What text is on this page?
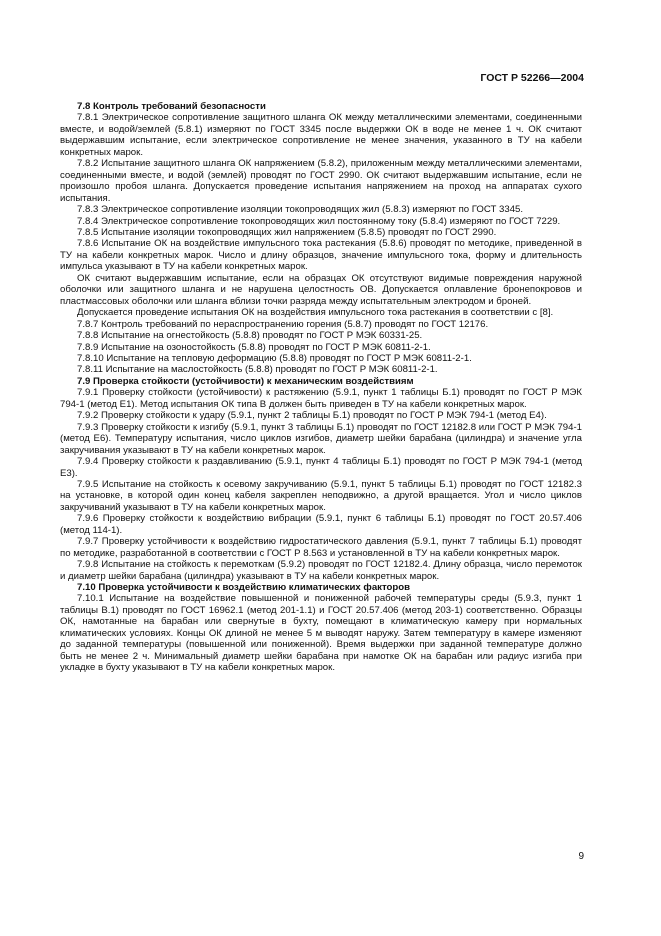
ГОСТ Р 52266—2004

7.8 Контроль требований безопасности

7.8.1 Электрическое сопротивление защитного шланга ОК между металлическими элементами, соединенными вместе, и водой/землей (5.8.1) измеряют по ГОСТ 3345 после выдержки ОК в воде не менее 1 ч. ОК считают выдержавшим испытание, если электрическое сопротивление не менее значения, указанного в ТУ на кабели конкретных марок.

7.8.2 Испытание защитного шланга ОК напряжением (5.8.2), приложенным между металлическими элементами, соединенными вместе, и водой (землей) проводят по ГОСТ 2990. ОК считают выдержавшим испытание, если не произошло пробоя шланга. Допускается проведение испытания напряжением на проход на аппаратах сухого испытания.

7.8.3 Электрическое сопротивление изоляции токопроводящих жил (5.8.3) измеряют по ГОСТ 3345.

7.8.4 Электрическое сопротивление токопроводящих жил постоянному току (5.8.4) измеряют по ГОСТ 7229.

7.8.5 Испытание изоляции токопроводящих жил напряжением (5.8.5) проводят по ГОСТ 2990.

7.8.6 Испытание ОК на воздействие импульсного тока растекания (5.8.6) проводят по методике, приведенной в ТУ на кабели конкретных марок. Число и длину образцов, значение импульсного тока, форму и длительность импульса указывают в ТУ на кабели конкретных марок.

ОК считают выдержавшим испытание, если на образцах ОК отсутствуют видимые повреждения наружной оболочки или защитного шланга и не нарушена целостность ОВ. Допускается оплавление бронепокровов и пластмассовых оболочки или шланга вблизи точки разряда между испытательным электродом и броней.

Допускается проведение испытания ОК на воздействия импульсного тока растекания в соответствии с [8].

7.8.7 Контроль требований по нераспространению горения (5.8.7) проводят по ГОСТ 12176.

7.8.8 Испытание на огнестойкость (5.8.8) проводят по ГОСТ Р МЭК 60331-25.

7.8.9 Испытание на озоностойкость (5.8.8) проводят по ГОСТ Р МЭК 60811-2-1.

7.8.10 Испытание на тепловую деформацию (5.8.8) проводят по ГОСТ Р МЭК 60811-2-1.

7.8.11 Испытание на маслостойкость (5.8.8) проводят по ГОСТ Р МЭК 60811-2-1.

7.9 Проверка стойкости (устойчивости) к механическим воздействиям

7.9.1 Проверку стойкости (устойчивости) к растяжению (5.9.1, пункт 1 таблицы Б.1) проводят по ГОСТ Р МЭК 794-1 (метод Е1). Метод испытания ОК типа В должен быть приведен в ТУ на кабели конкретных марок.

7.9.2 Проверку стойкости к удару (5.9.1, пункт 2 таблицы Б.1) проводят по ГОСТ Р МЭК 794-1 (метод Е4).

7.9.3 Проверку стойкости к изгибу (5.9.1, пункт 3 таблицы Б.1) проводят по ГОСТ 12182.8 или ГОСТ Р МЭК 794-1 (метод Е6). Температуру испытания, число циклов изгибов, диаметр шейки барабана (цилиндра) и значение угла закручивания указывают в ТУ на кабели конкретных марок.

7.9.4 Проверку стойкости к раздавливанию (5.9.1, пункт 4 таблицы Б.1) проводят по ГОСТ Р МЭК 794-1 (метод Е3).

7.9.5 Испытание на стойкость к осевому закручиванию (5.9.1, пункт 5 таблицы Б.1) проводят по ГОСТ 12182.3 на установке, в которой один конец кабеля закреплен неподвижно, а другой вращается. Угол и число циклов закручиваний указывают в ТУ на кабели конкретных марок.

7.9.6 Проверку стойкости к воздействию вибрации (5.9.1, пункт 6 таблицы Б.1) проводят по ГОСТ 20.57.406 (метод 114-1).

7.9.7 Проверку устойчивости к воздействию гидростатического давления (5.9.1, пункт 7 таблицы Б.1) проводят по методике, разработанной в соответствии с ГОСТ Р 8.563 и установленной в ТУ на кабели конкретных марок.

7.9.8 Испытание на стойкость к перемоткам (5.9.2) проводят по ГОСТ 12182.4. Длину образца, число перемоток и диаметр шейки барабана (цилиндра) указывают в ТУ на кабели конкретных марок.

7.10 Проверка устойчивости к воздействию климатических факторов

7.10.1 Испытание на воздействие повышенной и пониженной рабочей температуры среды (5.9.3, пункт 1 таблицы В.1) проводят по ГОСТ 16962.1 (метод 201-1.1) и ГОСТ 20.57.406 (метод 203-1) соответственно. Образцы ОК, намотанные на барабан или свернутые в бухту, помещают в климатическую камеру при нормальных климатических условиях. Концы ОК длиной не менее 5 м выводят наружу. Затем температуру в камере изменяют до заданной температуры (повышенной или пониженной). Время выдержки при заданной температуре должно быть не менее 2 ч. Минимальный диаметр шейки барабана при намотке ОК на барабан или радиус изгиба при укладке в бухту указывают в ТУ на кабели конкретных марок.

9
